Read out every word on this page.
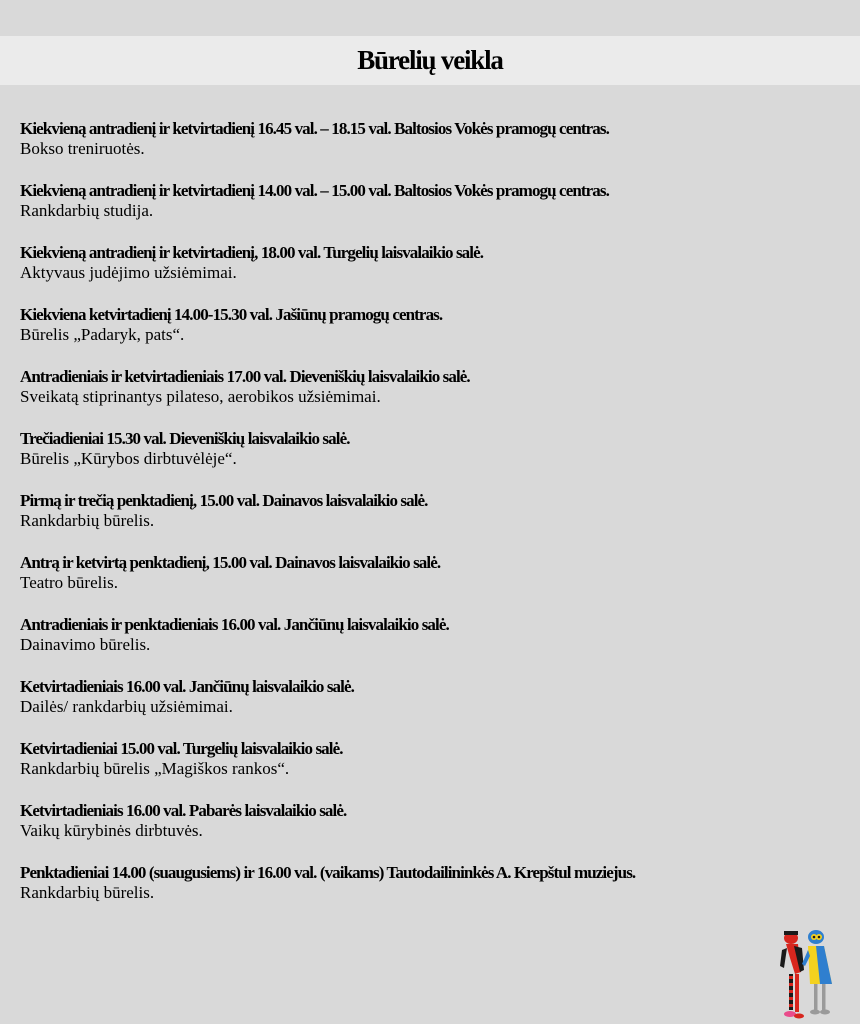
Būrelių veikla
Kiekvieną antradienį ir ketvirtadienį 16.45 val. – 18.15 val. Baltosios Vokės pramogų centras.
Bokso treniruotės.
Kiekvieną antradienį ir ketvirtadienį 14.00 val. – 15.00 val. Baltosios Vokės pramogų centras.
Rankdarbių studija.
Kiekvieną antradienį ir ketvirtadienį, 18.00 val. Turgelių laisvalaikio salė.
Aktyvaus judėjimo užsiėmimai.
Kiekviena ketvirtadienį 14.00-15.30 val. Jašiūnų pramogų centras.
Būrelis „Padaryk, pats“.
Antradieniais ir ketvirtadieniais 17.00 val. Dieveniškių laisvalaikio salė.
Sveikatą stiprinantys pilateso, aerobikos užsiėmimai.
Trečiadieniai 15.30 val. Dieveniškių laisvalaikio salė.
Būrelis „Kūrybos dirbtuvėlėje“.
Pirmą ir trečią penktadienį, 15.00 val. Dainavos laisvalaikio salė.
Rankdarbių būrelis.
Antrą ir ketvirtą penktadienį, 15.00 val. Dainavos laisvalaikio salė.
Teatro būrelis.
Antradieniais ir penktadieniais 16.00 val. Jančiūnų laisvalaikio salė.
Dainavimo būrelis.
Ketvirtadieniais 16.00 val. Jančiūnų laisvalaikio salė.
Dailės/ rankdarbių užsiėmimai.
Ketvirtadieniai 15.00 val. Turgelių laisvalaikio salė.
Rankdarbių būrelis „Magiškos rankos“.
Ketvirtadieniais 16.00 val. Pabarės laisvalaikio salė.
Vaikų kūrybinės dirbtuvės.
Penktadieniai 14.00 (suaugusiems) ir 16.00 val. (vaikams) Tautodailininkės A. Krepštul muziejus.
Rankdarbių būrelis.
